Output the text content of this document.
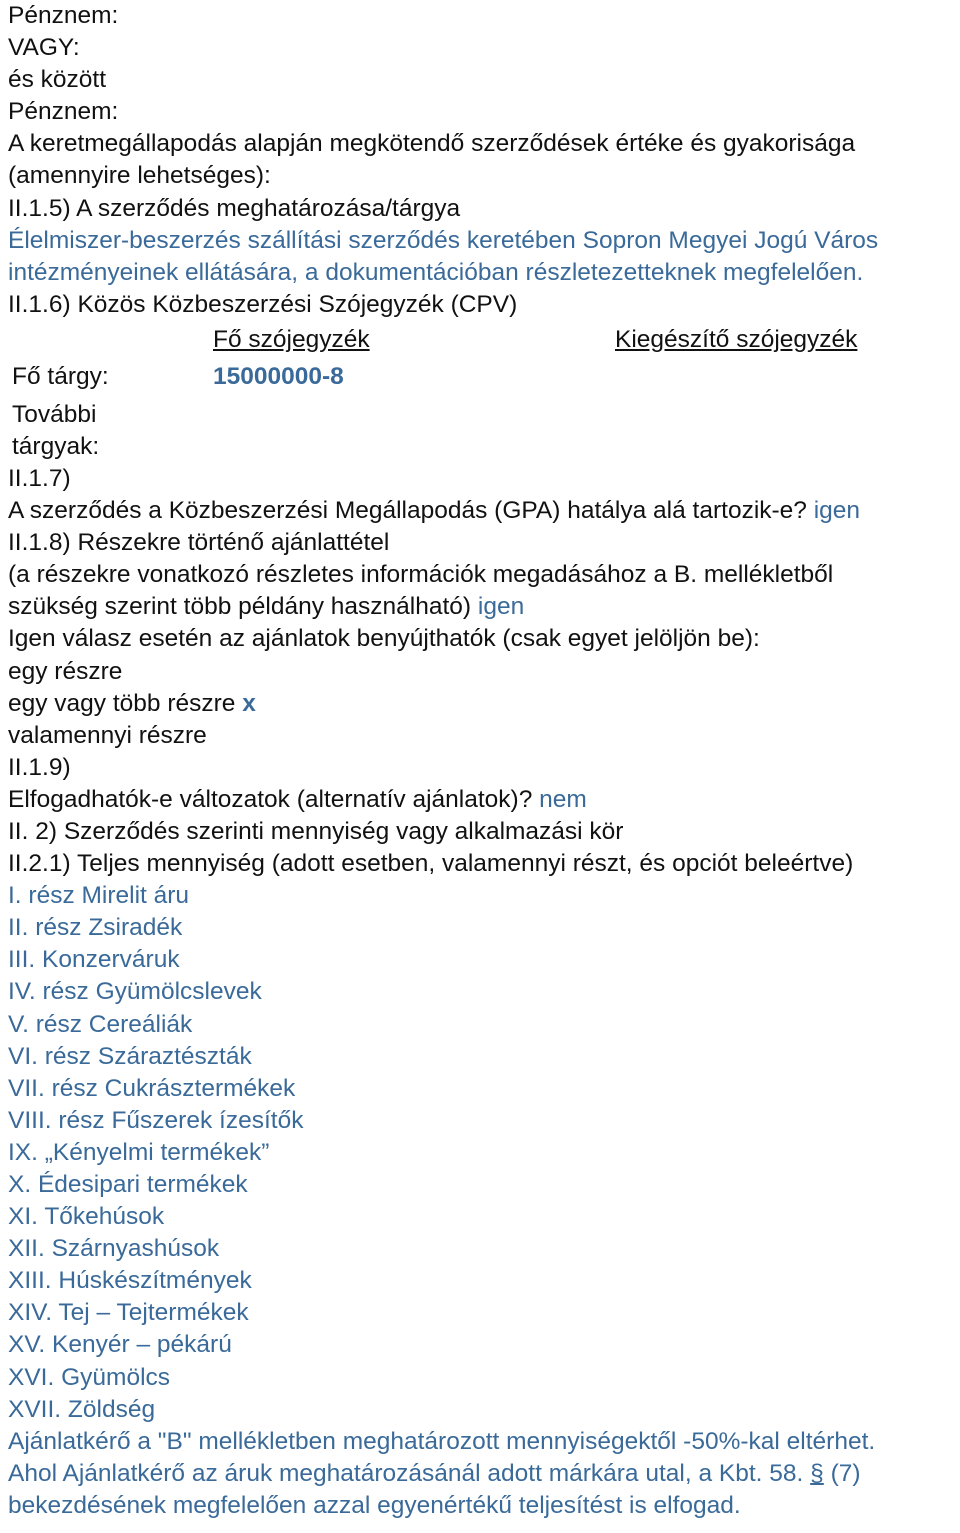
Pénznem:
VAGY:
és között
Pénznem:
A keretmegállapodás alapján megkötendő szerződések értéke és gyakorisága
(amennyire lehetséges):
II.1.5) A szerződés meghatározása/tárgya
Élelmiszer-beszerzés szállítási szerződés keretében Sopron Megyei Jogú Város
intézményeinek ellátására, a dokumentációban részletezetteknek megfelelően.
II.1.6) Közös Közbeszerzési Szójegyzék (CPV)
Fő szójegyzék	Kiegészítő szójegyzék
Fő tárgy:	15000000-8
További
tárgyak:
II.1.7)
A szerződés a Közbeszerzési Megállapodás (GPA) hatálya alá tartozik-e? igen
II.1.8) Részekre történő ajánlattétel
(a részekre vonatkozó részletes információk megadásához a B. mellékletből
szükség szerint több példány használható) igen
Igen válasz esetén az ajánlatok benyújthatók (csak egyet jelöljön be):
egy részre
egy vagy több részre x
valamennyi részre
II.1.9)
Elfogadhatók-e változatok (alternatív ajánlatok)? nem
II. 2) Szerződés szerinti mennyiség vagy alkalmazási kör
II.2.1) Teljes mennyiség (adott esetben, valamennyi részt, és opciót beleértve)
I. rész Mirelit áru
II. rész Zsiradék
III. Konzerváruk
IV. rész Gyümölcslevek
V. rész Cereáliák
VI. rész Száraztészták
VII. rész Cukrásztermékek
VIII. rész Fűszerek ízesítők
IX. „Kényelmi termékek”
X. Édesipari termékek
XI. Tőkehúsok
XII. Szárnyashúsok
XIII. Húskészítmények
XIV. Tej – Tejtermékek
XV. Kenyér – pékárú
XVI. Gyümölcs
XVII. Zöldség
Ajánlatkérő a "B" mellékletben meghatározott mennyiségektől -50%-kal eltérhet.
Ahol Ajánlatkérő az áruk meghatározásánál adott márkára utal, a Kbt. 58. § (7)
bekezdésének megfelelően azzal egyenértékű teljesítést is elfogad.
